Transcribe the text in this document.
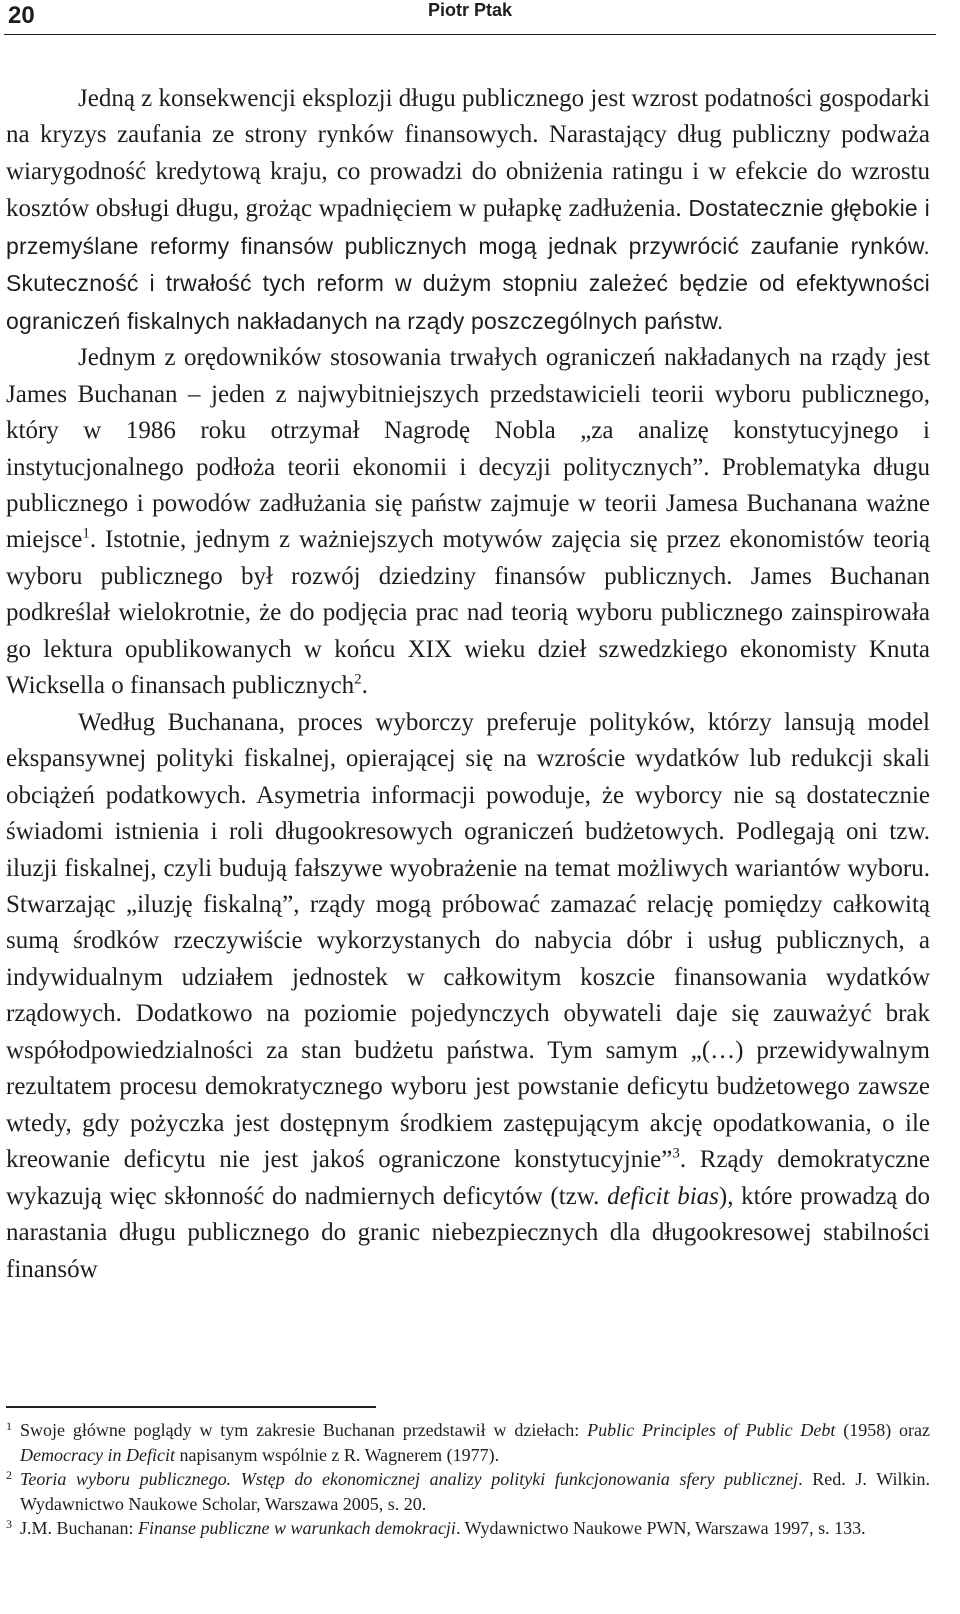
20	Piotr Ptak

Jedną z konsekwencji eksplozji długu publicznego jest wzrost podatności gospodarki na kryzys zaufania ze strony rynków finansowych. Narastający dług publiczny podważa wiarygodność kredytową kraju, co prowadzi do obniżenia ratingu i w efekcie do wzrostu kosztów obsługi długu, grożąc wpadnięciem w pułapkę zadłużenia. Dostatecznie głębokie i przemyślane reformy finansów publicznych mogą jednak przywrócić zaufanie rynków. Skuteczność i trwałość tych reform w dużym stopniu zależeć będzie od efektywności ograniczeń fiskalnych nakładanych na rządy poszczególnych państw.

Jednym z orędowników stosowania trwałych ograniczeń nakładanych na rządy jest James Buchanan – jeden z najwybitniejszych przedstawicieli teorii wyboru publicznego, który w 1986 roku otrzymał Nagrodę Nobla „za analizę konstytucyjnego i instytucjonalnego podłoża teorii ekonomii i decyzji politycznych”. Problematyka długu publicznego i powodów zadłużania się państw zajmuje w teorii Jamesa Buchanana ważne miejsce$^1$. Istotnie, jednym z ważniejszych motywów zajęcia się przez ekonomistów teorią wyboru publicznego był rozwój dziedziny finansów publicznych. James Buchanan podkreślał wielokrotnie, że do podjęcia prac nad teorią wyboru publicznego zainspirowała go lektura opublikowanych w końcu XIX wieku dzieł szwedzkiego ekonomisty Knuta Wicksella o finansach publicznych$^2$.

Według Buchanana, proces wyborczy preferuje polityków, którzy lansują model ekspansywnej polityki fiskalnej, opierającej się na wzroście wydatków lub redukcji skali obciążeń podatkowych. Asymetria informacji powoduje, że wyborcy nie są dostatecznie świadomi istnienia i roli długookresowych ograniczeń budżetowych. Podlegają oni tzw. iluzji fiskalnej, czyli budują fałszywe wyobrażenie na temat możliwych wariantów wyboru. Stwarzając „iluzję fiskalną”, rządy mogą próbować zamazać relację pomiędzy całkowitą sumą środków rzeczywiście wykorzystanych do nabycia dóbr i usług publicznych, a indywidualnym udziałem jednostek w całkowitym koszcie finansowania wydatków rządowych. Dodatkowo na poziomie pojedynczych obywateli daje się zauważyć brak współodpowiedzialności za stan budżetu państwa. Tym samym „(…) przewidywalnym rezultatem procesu demokratycznego wyboru jest powstanie deficytu budżetowego zawsze wtedy, gdy pożyczka jest dostępnym środkiem zastępującym akcję opodatkowania, o ile kreowanie deficytu nie jest jakoś ograniczone konstytucyjnie”$^3$. Rządy demokratyczne wykazują więc skłonność do nadmiernych deficytów (tzw. deficit bias), które prowadzą do narastania długu publicznego do granic niebezpiecznych dla długookresowej stabilności finansów

1 Swoje główne poglądy w tym zakresie Buchanan przedstawił w dziełach: Public Principles of Public Debt (1958) oraz Democracy in Deficit napisanym wspólnie z R. Wagnerem (1977).

2 Teoria wyboru publicznego. Wstęp do ekonomicznej analizy polityki funkcjonowania sfery publicznej. Red. J. Wilkin. Wydawnictwo Naukowe Scholar, Warszawa 2005, s. 20.

3 J.M. Buchanan: Finanse publiczne w warunkach demokracji. Wydawnictwo Naukowe PWN, Warszawa 1997, s. 133.
